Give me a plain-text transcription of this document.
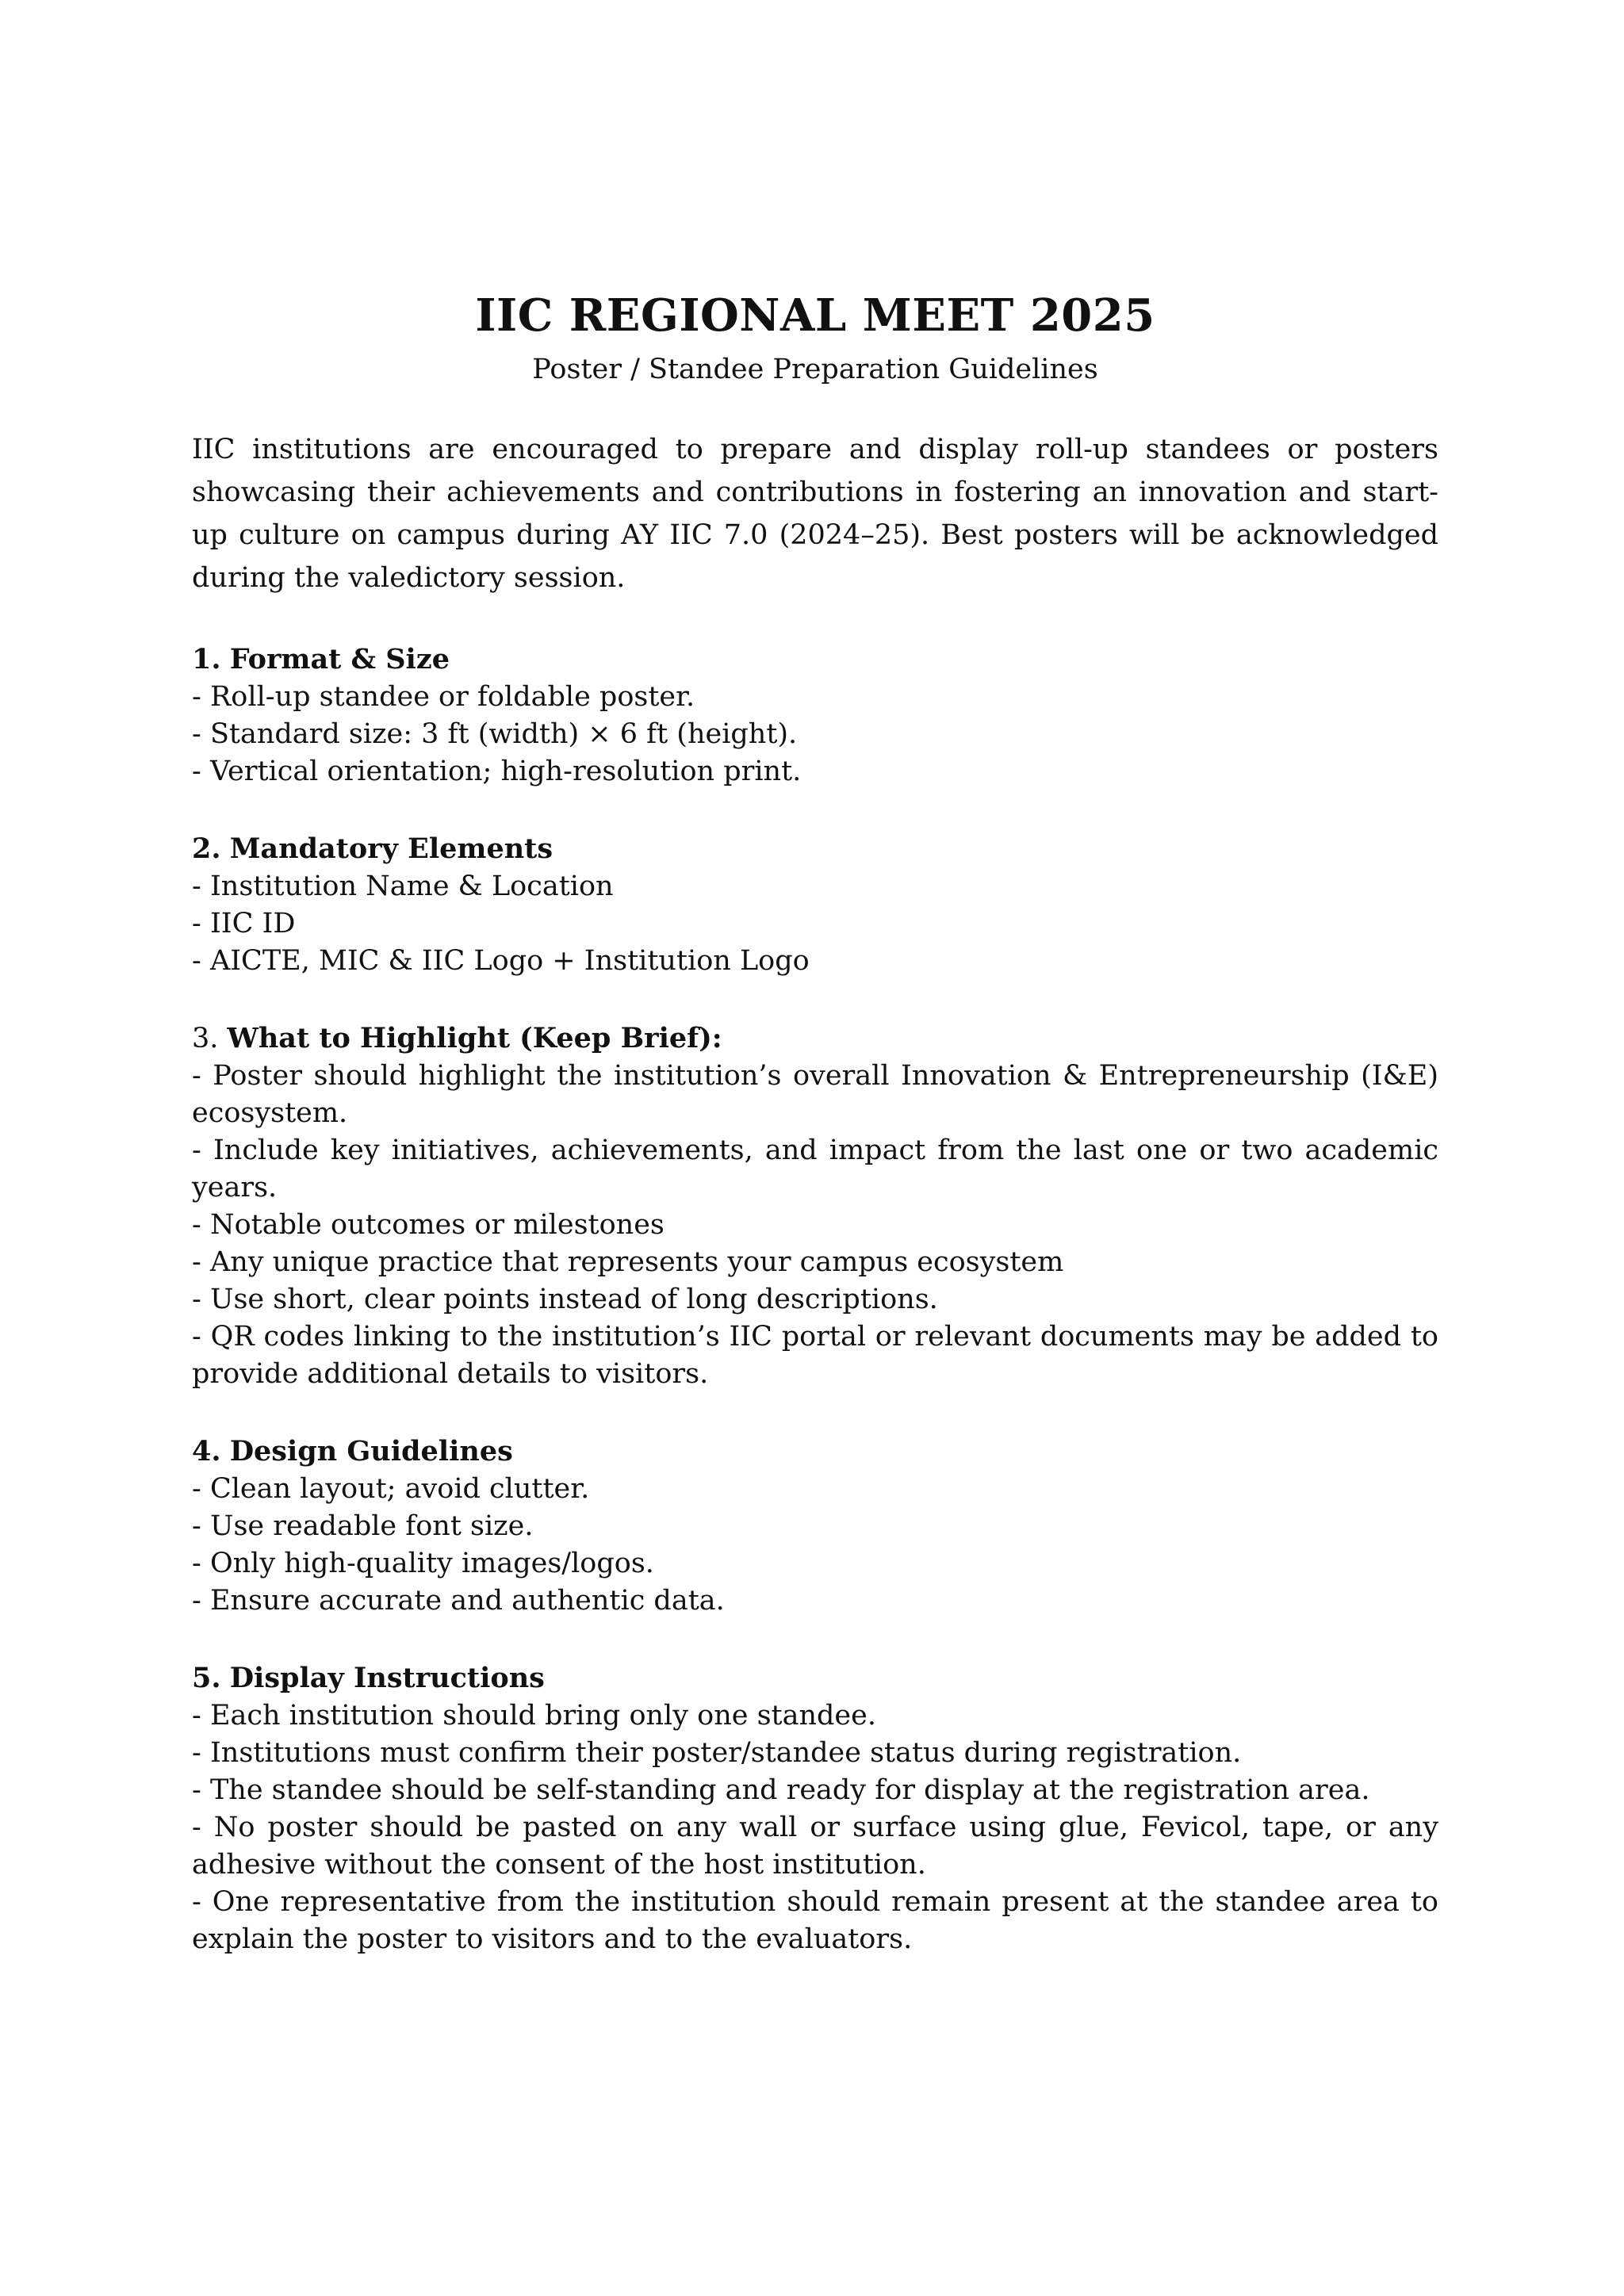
IIC REGIONAL MEET 2025

Poster / Standee Preparation Guidelines

IIC institutions are encouraged to prepare and display roll-up standees or posters showcasing their achievements and contributions in fostering an innovation and start-up culture on campus during AY IIC 7.0 (2024–25). Best posters will be acknowledged during the valedictory session.

1. Format & Size

- Roll-up standee or foldable poster.

- Standard size: 3 ft (width) × 6 ft (height).

- Vertical orientation; high-resolution print.

2. Mandatory Elements

- Institution Name & Location

- IIC ID

- AICTE, MIC & IIC Logo + Institution Logo

3. What to Highlight (Keep Brief):

- Poster should highlight the institution’s overall Innovation & Entrepreneurship (I&E) ecosystem.

- Include key initiatives, achievements, and impact from the last one or two academic years.

- Notable outcomes or milestones

- Any unique practice that represents your campus ecosystem

- Use short, clear points instead of long descriptions.

- QR codes linking to the institution’s IIC portal or relevant documents may be added to provide additional details to visitors.

4. Design Guidelines

- Clean layout; avoid clutter.

- Use readable font size.

- Only high-quality images/logos.

- Ensure accurate and authentic data.

5. Display Instructions

- Each institution should bring only one standee.

- Institutions must confirm their poster/standee status during registration.

- The standee should be self-standing and ready for display at the registration area.

- No poster should be pasted on any wall or surface using glue, Fevicol, tape, or any adhesive without the consent of the host institution.

- One representative from the institution should remain present at the standee area to explain the poster to visitors and to the evaluators.
